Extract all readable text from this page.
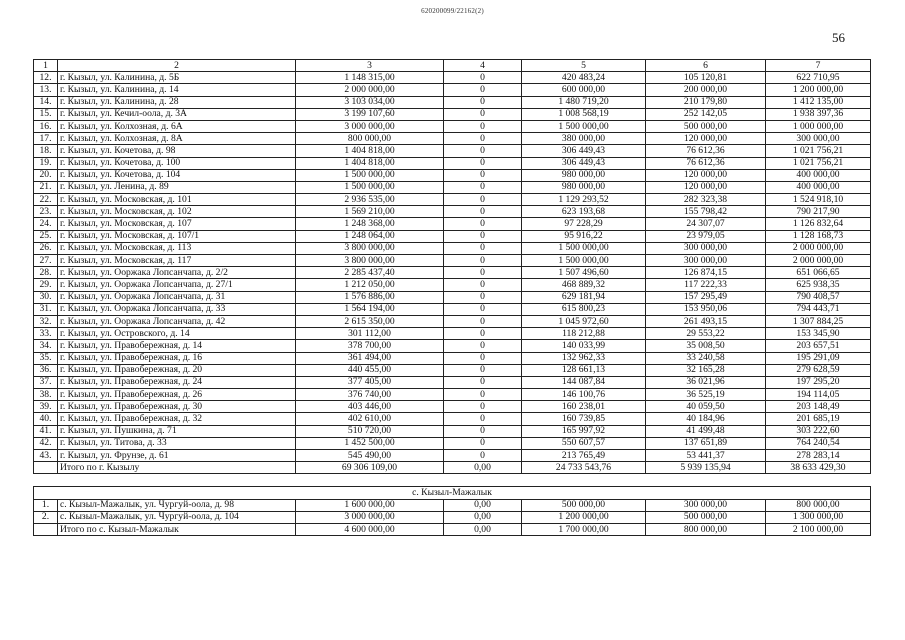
620200099/22162(2)
56
1	2	3	4	5	6	7
12.	г. Кызыл, ул. Калинина, д. 5Б	1 148 315,00	0	420 483,24	105 120,81	622 710,95
13.	г. Кызыл, ул. Калинина, д. 14	2 000 000,00	0	600 000,00	200 000,00	1 200 000,00
14.	г. Кызыл, ул. Калинина, д. 28	3 103 034,00	0	1 480 719,20	210 179,80	1 412 135,00
15.	г. Кызыл, ул. Кечил-оола, д. 3А	3 199 107,60	0	1 008 568,19	252 142,05	1 938 397,36
16.	г. Кызыл, ул. Колхозная, д. 6А	3 000 000,00	0	1 500 000,00	500 000,00	1 000 000,00
17.	г. Кызыл, ул. Колхозная, д. 8А	800 000,00	0	380 000,00	120 000,00	300 000,00
18.	г. Кызыл, ул. Кочетова, д. 98	1 404 818,00	0	306 449,43	76 612,36	1 021 756,21
19.	г. Кызыл, ул. Кочетова, д. 100	1 404 818,00	0	306 449,43	76 612,36	1 021 756,21
20.	г. Кызыл, ул. Кочетова, д. 104	1 500 000,00	0	980 000,00	120 000,00	400 000,00
21.	г. Кызыл, ул. Ленина, д. 89	1 500 000,00	0	980 000,00	120 000,00	400 000,00
22.	г. Кызыл, ул. Московская, д. 101	2 936 535,00	0	1 129 293,52	282 323,38	1 524 918,10
23.	г. Кызыл, ул. Московская, д. 102	1 569 210,00	0	623 193,68	155 798,42	790 217,90
24.	г. Кызыл, ул. Московская, д. 107	1 248 368,00	0	97 228,29	24 307,07	1 126 832,64
25.	г. Кызыл, ул. Московская, д. 107/1	1 248 064,00	0	95 916,22	23 979,05	1 128 168,73
26.	г. Кызыл, ул. Московская, д. 113	3 800 000,00	0	1 500 000,00	300 000,00	2 000 000,00
27.	г. Кызыл, ул. Московская, д. 117	3 800 000,00	0	1 500 000,00	300 000,00	2 000 000,00
28.	г. Кызыл, ул. Ооржака Лопсанчапа, д. 2/2	2 285 437,40	0	1 507 496,60	126 874,15	651 066,65
29.	г. Кызыл, ул. Ооржака Лопсанчапа, д. 27/1	1 212 050,00	0	468 889,32	117 222,33	625 938,35
30.	г. Кызыл, ул. Ооржака Лопсанчапа, д. 31	1 576 886,00	0	629 181,94	157 295,49	790 408,57
31.	г. Кызыл, ул. Ооржака Лопсанчапа, д. 33	1 564 194,00	0	615 800,23	153 950,06	794 443,71
32.	г. Кызыл, ул. Ооржака Лопсанчапа, д. 42	2 615 350,00	0	1 045 972,60	261 493,15	1 307 884,25
33.	г. Кызыл, ул. Островского, д. 14	301 112,00	0	118 212,88	29 553,22	153 345,90
34.	г. Кызыл, ул. Правобережная, д. 14	378 700,00	0	140 033,99	35 008,50	203 657,51
35.	г. Кызыл, ул. Правобережная, д. 16	361 494,00	0	132 962,33	33 240,58	195 291,09
36.	г. Кызыл, ул. Правобережная, д. 20	440 455,00	0	128 661,13	32 165,28	279 628,59
37.	г. Кызыл, ул. Правобережная, д. 24	377 405,00	0	144 087,84	36 021,96	197 295,20
38.	г. Кызыл, ул. Правобережная, д. 26	376 740,00	0	146 100,76	36 525,19	194 114,05
39.	г. Кызыл, ул. Правобережная, д. 30	403 446,00	0	160 238,01	40 059,50	203 148,49
40.	г. Кызыл, ул. Правобережная, д. 32	402 610,00	0	160 739,85	40 184,96	201 685,19
41.	г. Кызыл, ул. Пушкина, д. 71	510 720,00	0	165 997,92	41 499,48	303 222,60
42.	г. Кызыл, ул. Титова, д. 33	1 452 500,00	0	550 607,57	137 651,89	764 240,54
43.	г. Кызыл, ул. Фрунзе, д. 61	545 490,00	0	213 765,49	53 441,37	278 283,14
	Итого по г. Кызылу	69 306 109,00	0,00	24 733 543,76	5 939 135,94	38 633 429,30

с. Кызыл-Мажалык						
1.	с. Кызыл-Мажалык, ул. Чургуй-оола, д. 98	1 600 000,00	0,00	500 000,00	300 000,00	800 000,00
2.	с. Кызыл-Мажалык, ул. Чургуй-оола, д. 104	3 000 000,00	0,00	1 200 000,00	500 000,00	1 300 000,00
	Итого по с. Кызыл-Мажалык	4 600 000,00	0,00	1 700 000,00	800 000,00	2 100 000,00
